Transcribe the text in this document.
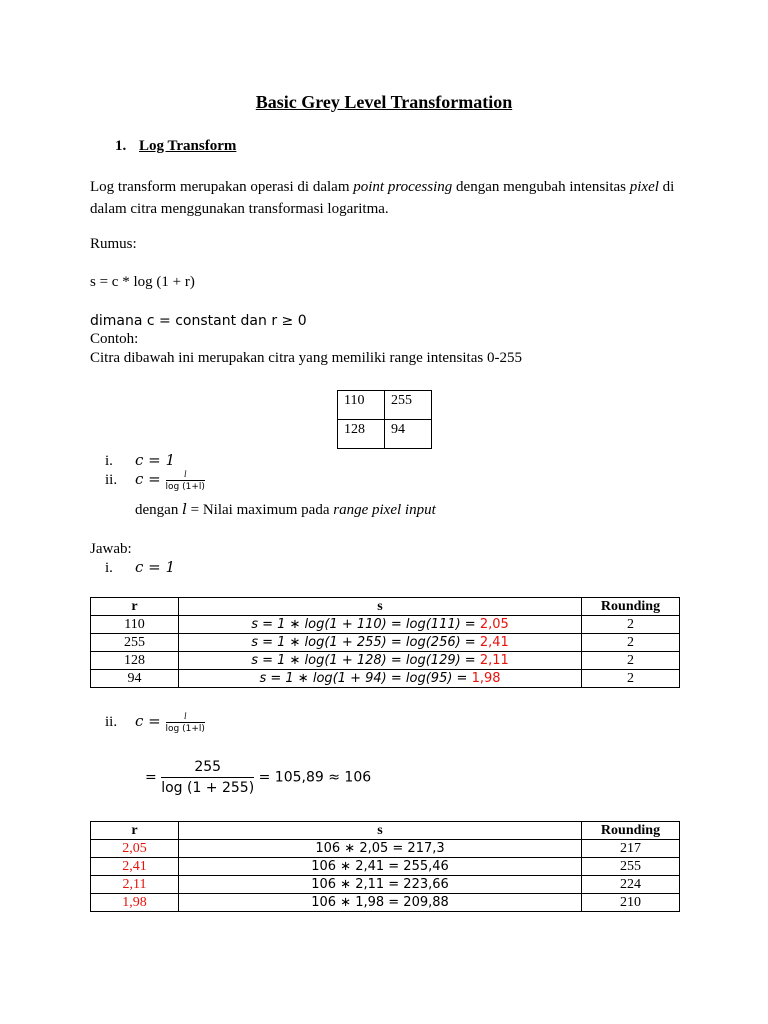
Basic Grey Level Transformation
1. Log Transform
Log transform merupakan operasi di dalam point processing dengan mengubah intensitas pixel di dalam citra menggunakan transformasi logaritma.
Rumus:
s = c * log (1 + r)
dimana c = constant dan r ≥ 0
Contoh:
Citra dibawah ini merupakan citra yang memiliki range intensitas 0-255
110	255
128	94
i. c = 1
ii. $c = \frac{l}{\log (1+l)}$
dengan l = Nilai maximum pada range pixel input
Jawab:
i. c = 1
r	s	Rounding
110	s = 1 ∗ log(1 + 110) = log(111) = 2,05	2
255	s = 1 ∗ log(1 + 255) = log(256) = 2,41	2
128	s = 1 ∗ log(1 + 128) = log(129) = 2,11	2
94	s = 1 ∗ log(1 + 94) = log(95) = 1,98	2
ii. $c = \frac{l}{\log (1+l)}$
= $\frac{255}{\log (1 + 255)} = 105,89 \approx 106$
r	s	Rounding
2,05	106 ∗ 2,05 = 217,3	217
2,41	106 ∗ 2,41 = 255,46	255
2,11	106 ∗ 2,11 = 223,66	224
1,98	106 ∗ 1,98 = 209,88	210
